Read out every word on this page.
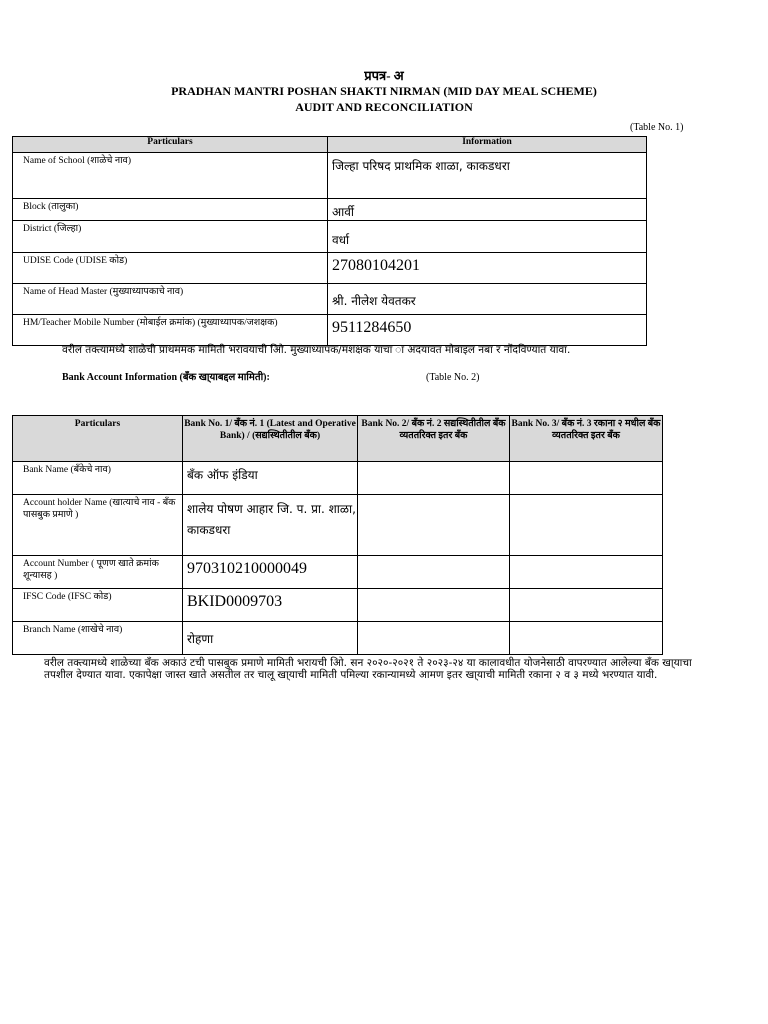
प्रपत्र- अ
PRADHAN MANTRI POSHAN SHAKTI NIRMAN (MID DAY MEAL SCHEME)
AUDIT AND RECONCILIATION
(Table No. 1)
Particulars	Information
Name of School (शाळेचे नाव)	जिल्हा परिषद प्राथमिक शाळा, काकडधरा
Block (तालुका)	आर्वी
District (जिल्हा)	वर्धा
UDISE Code (UDISE कोड)	27080104201
Name of Head Master (मुख्याध्यापकाचे नाव)	श्री. नीलेश येवतकर
HM/Teacher Mobile Number (मोबाईल क्रमांक) (मुख्याध्यापक/जशक्षक)	9511284650
वरील तक्त्यामध्ये शाळेची प्राथममक मामिती भरावयाची आिे. मुख्याध्यापक/मशक्षक याचा ा अदयावत मोबाइल नबा र नोंदविण्यात यावा.
Bank Account Information (बँक खा्याबद्दल मामिती):	(Table No. 2)
Particulars	Bank No. 1/ बँक नं. 1 (Latest and Operative Bank) / (सद्यस्थितीतील बँक)	Bank No. 2/ बँक नं. 2 सद्यस्थितीतील बँक व्यततरिक्त इतर बँक	Bank No. 3/ बँक नं. 3 रकाना २ मधील बँक व्यततरिक्त इतर बँक
Bank Name (बँकेचे नाव)	बँक ऑफ इंडिया		
Account holder Name (खात्याचे नाव - बँक पासबुक प्रमाणे )	शालेय पोषण आहार जि. प. प्रा. शाळा, काकडधरा		
Account Number ( पूणण खाते क्रमांक शून्यासह )	970310210000049		
IFSC Code (IFSC कोड)	BKID0009703		
Branch Name (शाखेचे नाव)	रोहणा		
वरील तक्त्यामध्ये शाळेच्या बँक अकाउं टची पासबुक प्रमाणे मामिती भरायची आिे. सन २०२०-२०२१ ते २०२३-२४ या कालावधीत योजनेसाठी वापरण्यात आलेल्या बँक खा्याचा तपशील देण्यात यावा. एकापेक्षा जास्त खाते असतील तर चालू खा्याची मामिती पमिल्या रकान्यामध्ये आमण इतर खा्याची मामिती रकाना २ व ३ मध्ये भरण्यात यावी.
